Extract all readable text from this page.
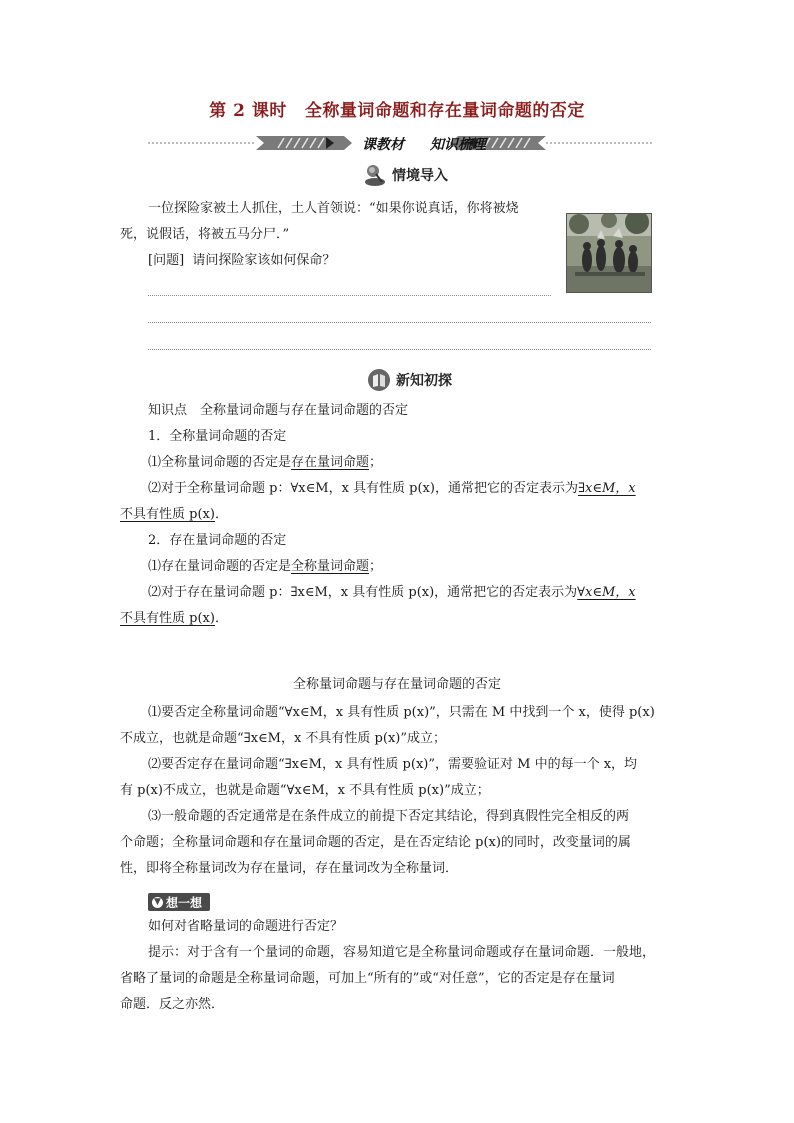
第 2 课时 全称量词命题和存在量词命题的否定
课教材 知识梳理
情境导入

一位探险家被土人抓住，土人首领说：“如果你说真话，你将被烧

死，说假话，将被五马分尸．”

[问题] 请问探险家该如何保命？

新知初探

知识点　全称量词命题与存在量词命题的否定

1．全称量词命题的否定

⑴全称量词命题的否定是存在量词命题；

⑵对于全称量词命题 p：∀x∈M，x 具有性质 p(x)，通常把它的否定表示为∃x∈M，x

不具有性质 p(x)．

2．存在量词命题的否定

⑴存在量词命题的否定是全称量词命题；

⑵对于存在量词命题 p：∃x∈M，x 具有性质 p(x)，通常把它的否定表示为∀x∈M，x

不具有性质 p(x)．

全称量词命题与存在量词命题的否定

⑴要否定全称量词命题“∀x∈M，x 具有性质 p(x)”，只需在 M 中找到一个 x，使得 p(x)

不成立，也就是命题“∃x∈M，x 不具有性质 p(x)”成立；

⑵要否定存在量词命题“∃x∈M，x 具有性质 p(x)”，需要验证对 M 中的每一个 x，均

有 p(x)不成立，也就是命题“∀x∈M，x 不具有性质 p(x)”成立；

⑶一般命题的否定通常是在条件成立的前提下否定其结论，得到真假性完全相反的两

个命题；全称量词命题和存在量词命题的否定，是在否定结论 p(x)的同时，改变量词的属

性，即将全称量词改为存在量词，存在量词改为全称量词．

▼ 想一想

如何对省略量词的命题进行否定？

提示：对于含有一个量词的命题，容易知道它是全称量词命题或存在量词命题．一般地，

省略了量词的命题是全称量词命题，可加上“所有的”或“对任意”，它的否定是存在量词

命题．反之亦然．
